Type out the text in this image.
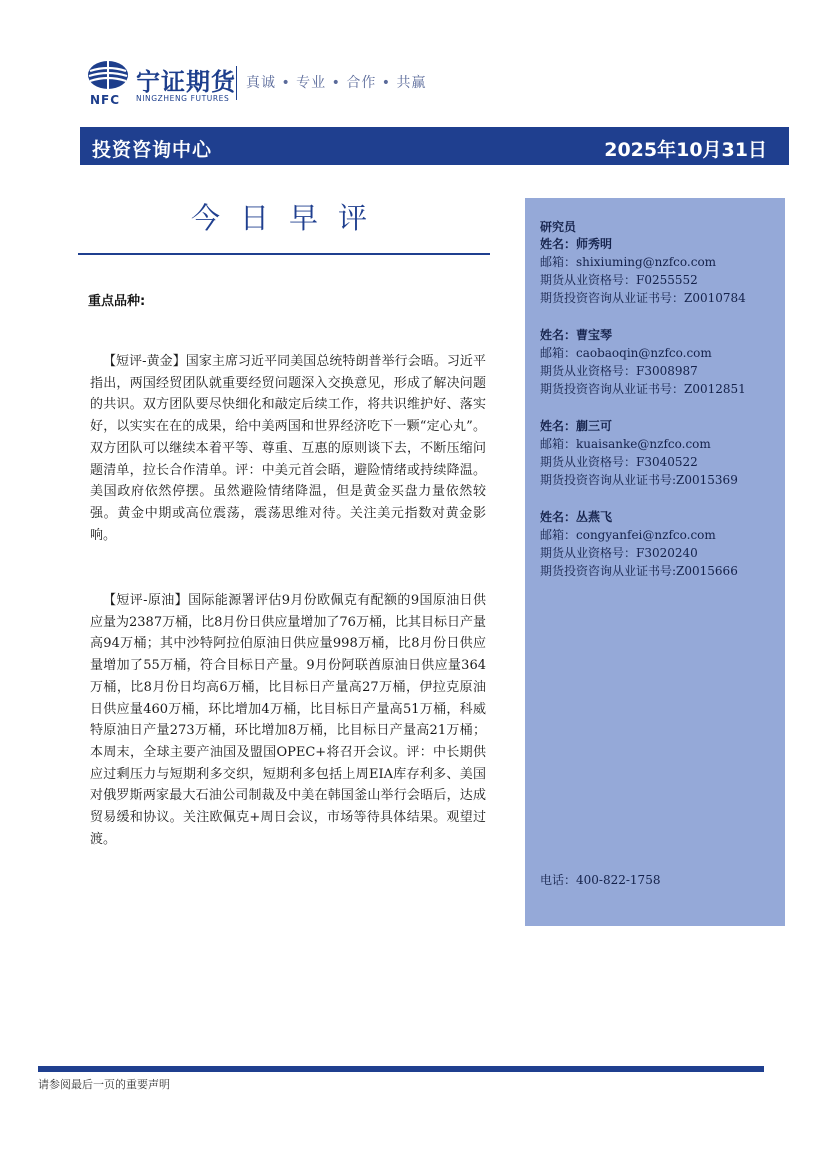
宁证期货
NFC NINGZHENG FUTURES
真诚 • 专业 • 合作 • 共赢
投资咨询中心	2025年10月31日
今日早评
重点品种:

【短评-黄金】国家主席习近平同美国总统特朗普举行会晤。习近平指出，两国经贸团队就重要经贸问题深入交换意见，形成了解决问题的共识。双方团队要尽快细化和敲定后续工作，将共识维护好、落实好，以实实在在的成果，给中美两国和世界经济吃下一颗“定心丸”。双方团队可以继续本着平等、尊重、互惠的原则谈下去，不断压缩问题清单，拉长合作清单。评：中美元首会晤，避险情绪或持续降温。美国政府依然停摆。虽然避险情绪降温，但是黄金买盘力量依然较强。黄金中期或高位震荡，震荡思维对待。关注美元指数对黄金影响。

【短评-原油】国际能源署评估9月份欧佩克有配额的9国原油日供应量为2387万桶，比8月份日供应量增加了76万桶，比其目标日产量高94万桶；其中沙特阿拉伯原油日供应量998万桶，比8月份日供应量增加了55万桶，符合目标日产量。9月份阿联酋原油日供应量364万桶，比8月份日均高6万桶，比目标日产量高27万桶，伊拉克原油日供应量460万桶，环比增加4万桶，比目标日产量高51万桶，科威特原油日产量273万桶，环比增加8万桶，比目标日产量高21万桶；本周末，全球主要产油国及盟国OPEC+将召开会议。评：中长期供应过剩压力与短期利多交织，短期利多包括上周EIA库存利多、美国对俄罗斯两家最大石油公司制裁及中美在韩国釜山举行会晤后，达成贸易缓和协议。关注欧佩克+周日会议，市场等待具体结果。观望过渡。

研究员
姓名：师秀明
邮箱：shixiuming@nzfco.com
期货从业资格号：F0255552
期货投资咨询从业证书号：Z0010784
姓名：曹宝琴
邮箱：caobaoqin@nzfco.com
期货从业资格号：F3008987
期货投资咨询从业证书号：Z0012851
姓名：蒯三可
邮箱：kuaisanke@nzfco.com
期货从业资格号：F3040522
期货投资咨询从业证书号:Z0015369
姓名：丛燕飞
邮箱：congyanfei@nzfco.com
期货从业资格号：F3020240
期货投资咨询从业证书号:Z0015666
电话：400-822-1758
请参阅最后一页的重要声明
